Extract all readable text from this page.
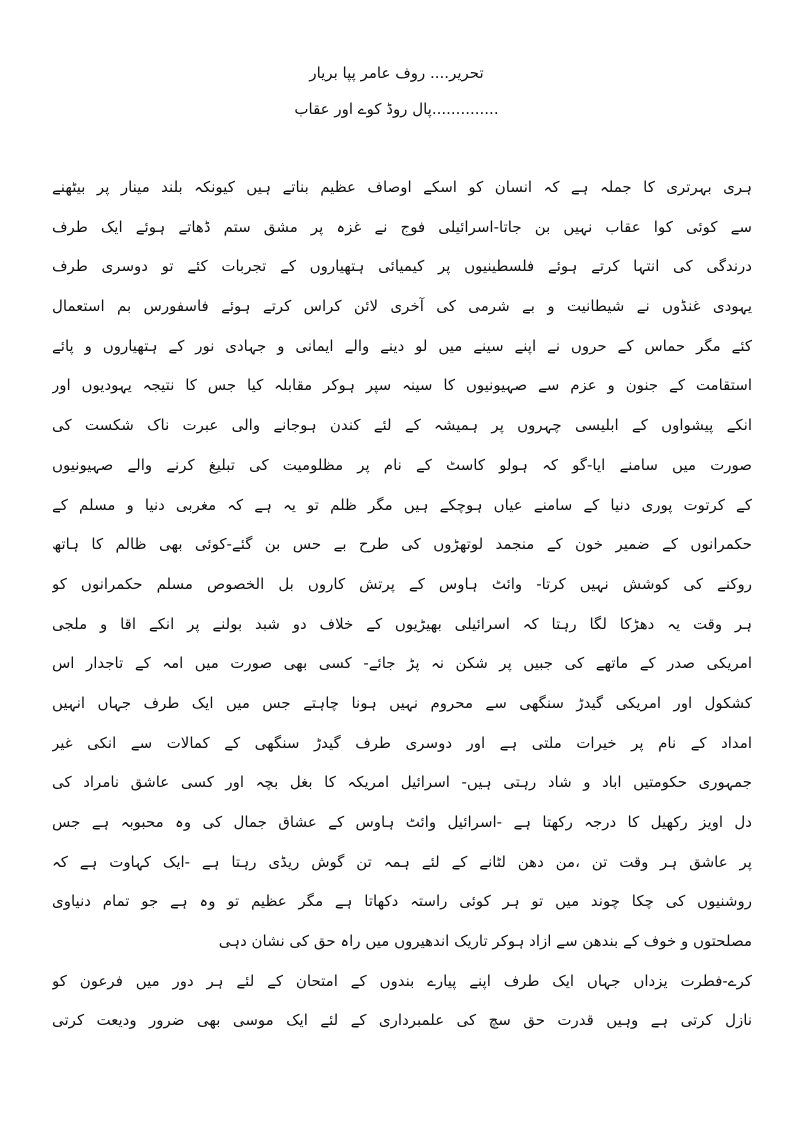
تحریر.... روف عامر پپا بریار
..............پال روڈ کوے اور عقاب
ہری بہرتری کا جملہ ہے کہ انسان کو اسکے اوصاف عظیم بناتے ہیں کیونکہ بلند مینار پر بیٹھنے
سے کوئی کوا عقاب نہیں بن جاتا-اسرائیلی فوج نے غزہ پر مشق ستم ڈھاتے ہوئے ایک طرف
درندگی کی انتہا کرتے ہوئے فلسطینیوں پر کیمیائی ہتھیاروں کے تجربات کئے تو دوسری طرف
یہودی غنڈوں نے شیطانیت و بے شرمی کی آخری لائن کراس کرتے ہوئے فاسفورس بم استعمال
کئے مگر حماس کے حروں نے اپنے سینے میں لو دینے والے ایمانی و جہادی نور کے ہتھیاروں و پائے
استقامت کے جنون و عزم سے صہیونیوں کا سینہ سپر ہوکر مقابلہ کیا جس کا نتیجہ یہودیوں اور
انکے پیشواوں کے ابلیسی چہروں پر ہمیشہ کے لئے کندن ہوجانے والی عبرت ناک شکست کی
صورت میں سامنے ایا-گو کہ ہولو کاسٹ کے نام پر مظلومیت کی تبلیغ کرنے والے صہیونیوں
کے کرتوت پوری دنیا کے سامنے عیاں ہوچکے ہیں مگر ظلم تو یہ ہے کہ مغربی دنیا و مسلم کے
حکمرانوں کے ضمیر خون کے منجمد لوتھڑوں کی طرح بے حس بن گئے-کوئی بھی ظالم کا ہاتھ
روکنے کی کوشش نہیں کرتا- وائٹ ہاوس کے پرتش کاروں بل الخصوص مسلم حکمرانوں کو
ہر وقت یہ دھڑکا لگا رہتا کہ اسرائیلی بھیڑیوں کے خلاف دو شبد بولنے پر انکے اقا و ملجی
امریکی صدر کے ماتھے کی جبیں پر شکن نہ پڑ جائے- کسی بھی صورت میں امہ کے تاجدار اس
کشکول اور امریکی گیدڑ سنگھی سے محروم نہیں ہونا چاہتے جس میں ایک طرف جہاں انہیں
امداد کے نام پر خیرات ملتی ہے اور دوسری طرف گیدڑ سنگھی کے کمالات سے انکی غیر
جمہوری حکومتیں اباد و شاد رہتی ہیں- اسرائیل امریکہ کا بغل بچہ اور کسی عاشق نامراد کی
دل اویز رکھیل کا درجہ رکھتا ہے -اسرائیل وائٹ ہاوس کے عشاق جمال کی وہ محبوبہ ہے جس
پر عاشق ہر وقت تن ،من دھن لٹانے کے لئے ہمہ تن گوش ریڈی رہتا ہے -ایک کہاوت ہے کہ
روشنیوں کی چکا چوند میں تو ہر کوئی راستہ دکھاتا ہے مگر عظیم تو وہ ہے جو تمام دنیاوی
مصلحتوں و خوف کے بندھن سے ازاد ہوکر تاریک اندھیروں میں راہ حق کی نشان دہی
کرے-فطرت یزداں جہاں ایک طرف اپنے پیارے بندوں کے امتحان کے لئے ہر دور میں فرعون کو
نازل کرتی ہے وہیں قدرت حق سچ کی علمبرداری کے لئے ایک موسی بھی ضرور ودیعت کرتی
